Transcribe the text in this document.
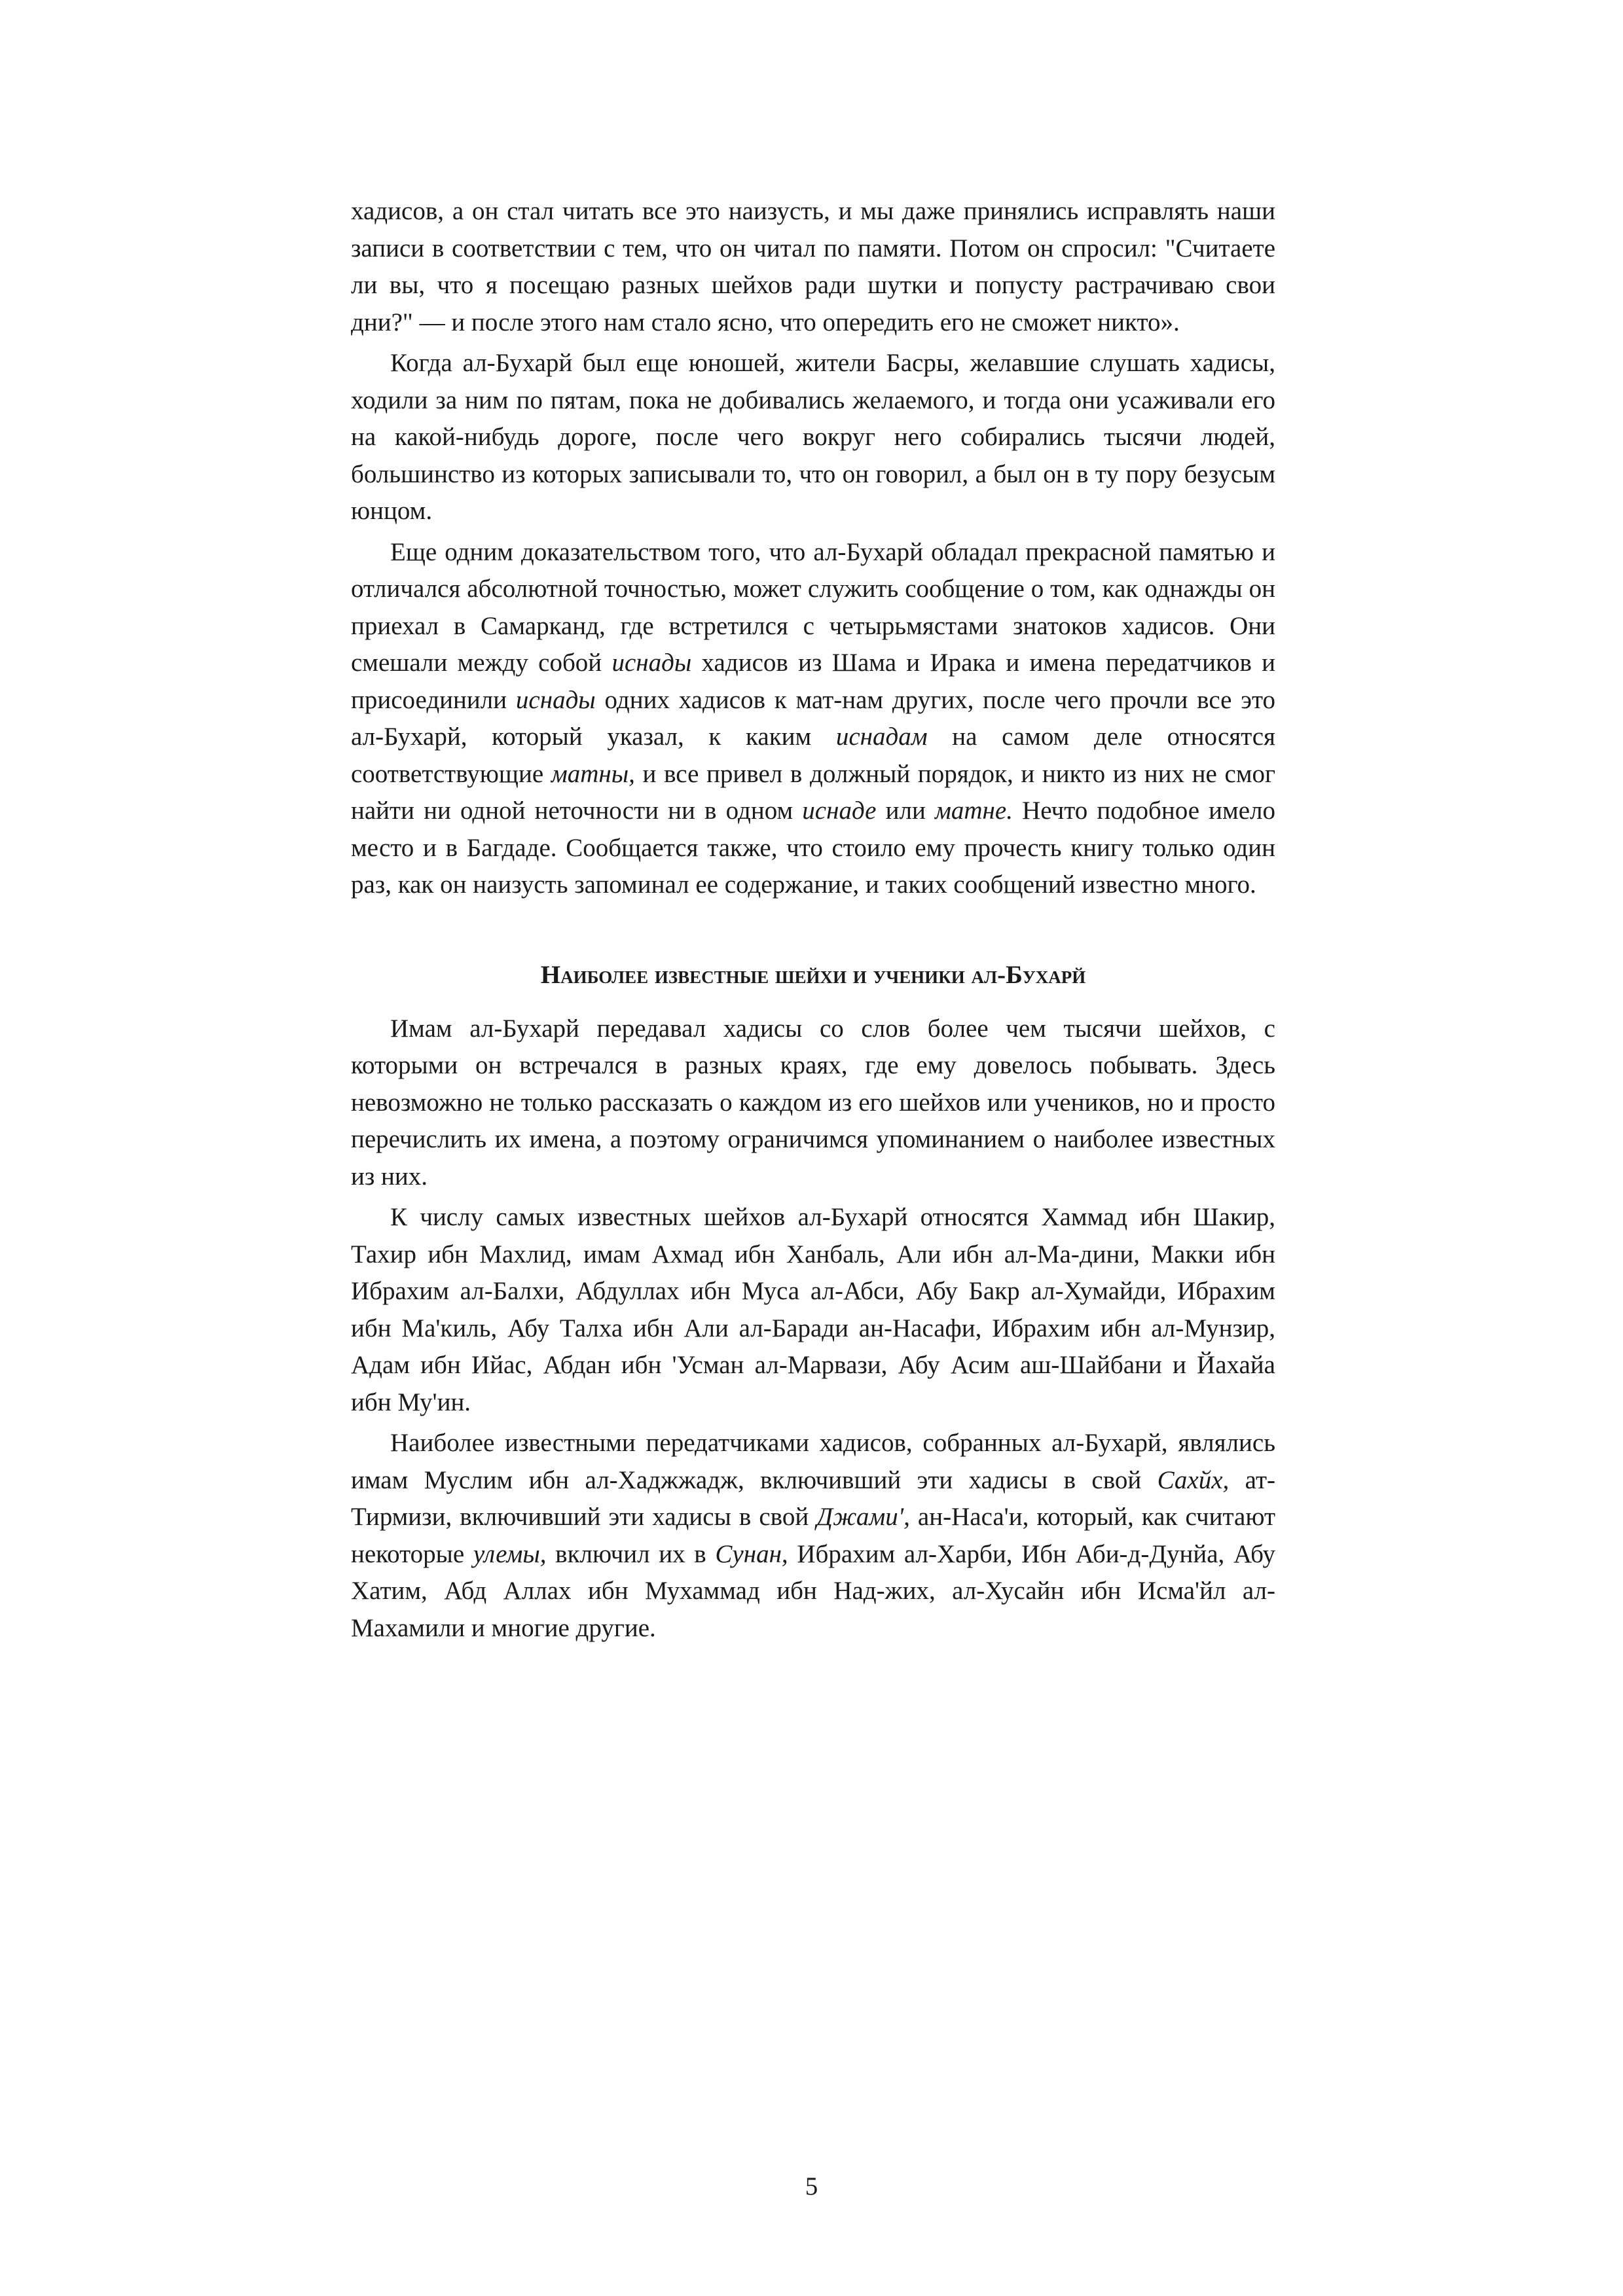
хадисов, а он стал читать все это наизусть, и мы даже принялись исправлять наши записи в соответствии с тем, что он читал по памяти. Потом он спросил: "Считаете ли вы, что я посещаю разных шейхов ради шутки и попусту растрачиваю свои дни?" — и после этого нам стало ясно, что опередить его не сможет никто».

Когда ал-Бухарй был еще юношей, жители Басры, желавшие слушать хадисы, ходили за ним по пятам, пока не добивались желаемого, и тогда они усаживали его на какой-нибудь дороге, после чего вокруг него собирались тысячи людей, большинство из которых записывали то, что он говорил, а был он в ту пору безусым юнцом.

Еще одним доказательством того, что ал-Бухарй обладал прекрасной памятью и отличался абсолютной точностью, может служить сообщение о том, как однажды он приехал в Самарканд, где встретился с четырьмястами знатоков хадисов. Они смешали между собой иснады хадисов из Шама и Ирака и имена передатчиков и присоединили иснады одних хадисов к мат-нам других, после чего прочли все это ал-Бухарй, который указал, к каким иснадам на самом деле относятся соответствующие матны, и все привел в должный порядок, и никто из них не смог найти ни одной неточности ни в одном иснаде или матне. Нечто подобное имело место и в Багдаде. Сообщается также, что стоило ему прочесть книгу только один раз, как он наизусть запоминал ее содержание, и таких сообщений известно много.

Наиболее известные шейхи и ученики ал-Бухарй

Имам ал-Бухарй передавал хадисы со слов более чем тысячи шейхов, с которыми он встречался в разных краях, где ему довелось побывать. Здесь невозможно не только рассказать о каждом из его шейхов или учеников, но и просто перечислить их имена, а поэтому ограничимся упоминанием о наиболее известных из них.

К числу самых известных шейхов ал-Бухарй относятся Хаммад ибн Шакир, Тахир ибн Махлид, имам Ахмад ибн Ханбаль, Али ибн ал-Ма-дини, Макки ибн Ибрахим ал-Балхи, Абдуллах ибн Муса ал-Абси, Абу Бакр ал-Хумайди, Ибрахим ибн Ма'киль, Абу Талха ибн Али ал-Баради ан-Насафи, Ибрахим ибн ал-Мунзир, Адам ибн Ийас, Абдан ибн 'Усман ал-Марвази, Абу Асим аш-Шайбани и Йахайа ибн Му'ин.

Наиболее известными передатчиками хадисов, собранных ал-Бухарй, являлись имам Муслим ибн ал-Хаджжадж, включивший эти хадисы в свой Сахйх, ат-Тирмизи, включивший эти хадисы в свой Джами', ан-Наса'и, который, как считают некоторые улемы, включил их в Сунан, Ибрахим ал-Харби, Ибн Аби-д-Дунйа, Абу Хатим, Абд Аллах ибн Мухаммад ибн Над-жих, ал-Хусайн ибн Исма'йл ал-Махамили и многие другие.

5
